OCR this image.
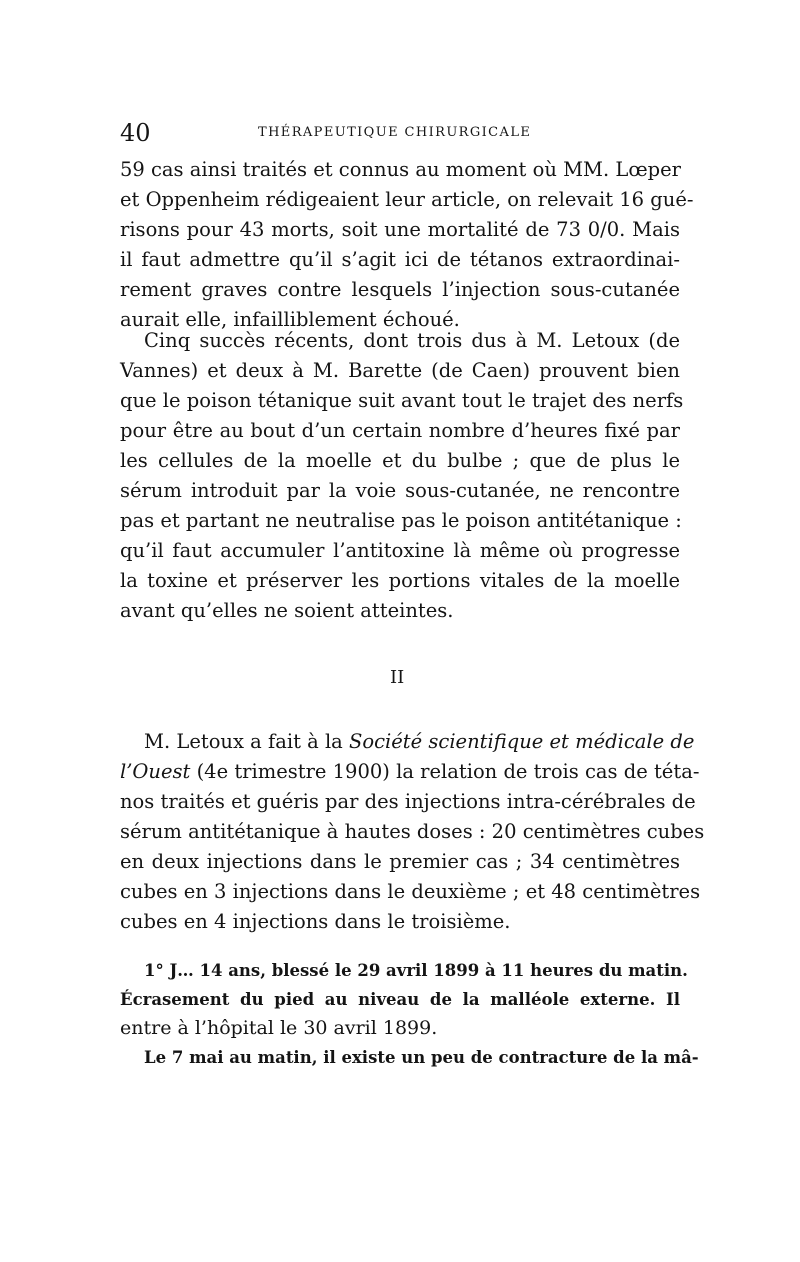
40	THÉRAPEUTIQUE CHIRURGICALE
59 cas ainsi traités et connus au moment où MM. Lœper
et Oppenheim rédigeaient leur article, on relevait 16 gué-
risons pour 43 morts, soit une mortalité de 73 0/0. Mais
il faut admettre qu’il s’agit ici de tétanos extraordinai-
rement graves contre lesquels l’injection sous-cutanée
aurait elle, infailliblement échoué.
Cinq succès récents, dont trois dus à M. Letoux (de
Vannes) et deux à M. Barette (de Caen) prouvent bien
que le poison tétanique suit avant tout le trajet des nerfs
pour être au bout d’un certain nombre d’heures fixé par
les cellules de la moelle et du bulbe ; que de plus le
sérum introduit par la voie sous-cutanée, ne rencontre
pas et partant ne neutralise pas le poison antitétanique :
qu’il faut accumuler l’antitoxine là même où progresse
la toxine et préserver les portions vitales de la moelle
avant qu’elles ne soient atteintes.
II
M. Letoux a fait à la Société scientifique et médicale de
l’Ouest (4e trimestre 1900) la relation de trois cas de téta-
nos traités et guéris par des injections intra-cérébrales de
sérum antitétanique à hautes doses : 20 centimètres cubes
en deux injections dans le premier cas ; 34 centimètres
cubes en 3 injections dans le deuxième ; et 48 centimètres
cubes en 4 injections dans le troisième.
1° J… 14 ans, blessé le 29 avril 1899 à 11 heures du matin.
Écrasement du pied au niveau de la malléole externe. Il
entre à l’hôpital le 30 avril 1899.
Le 7 mai au matin, il existe un peu de contracture de la mâ-
